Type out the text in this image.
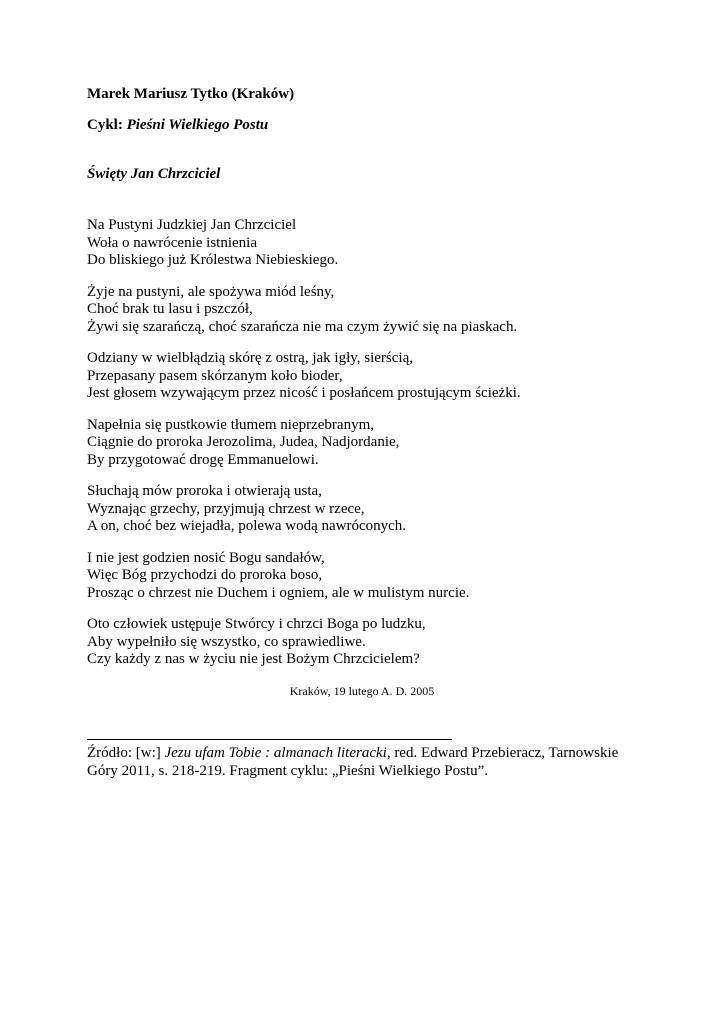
Marek Mariusz Tytko (Kraków)
Cykl: Pieśni Wielkiego Postu
Święty Jan Chrzciciel
Na Pustyni Judzkiej Jan Chrzciciel
Woła o nawrócenie istnienia
Do bliskiego już Królestwa Niebieskiego.
Żyje na pustyni, ale spożywa miód leśny,
Choć brak tu lasu i pszczół,
Żywi się szarańczą, choć szarańcza nie ma czym żywić się na piaskach.
Odziany w wielbłądzią skórę z ostrą, jak igły, sierścią,
Przepasany pasem skórzanym koło bioder,
Jest głosem wzywającym przez nicość i posłańcem prostującym ścieżki.
Napełnia się pustkowie tłumem nieprzebranym,
Ciągnie do proroka Jerozolima, Judea, Nadjordanie,
By przygotować drogę Emmanuelowi.
Słuchają mów proroka i otwierają usta,
Wyznając grzechy, przyjmują chrzest w rzece,
A on, choć bez wiejadła, polewa wodą nawróconych.
I nie jest godzien nosić Bogu sandałów,
Więc Bóg przychodzi do proroka boso,
Prosząc o chrzest nie Duchem i ogniem, ale w mulistym nurcie.
Oto człowiek ustępuje Stwórcy i chrzci Boga po ludzku,
Aby wypełniło się wszystko, co sprawiedliwe.
Czy każdy z nas w życiu nie jest Bożym Chrzcicielem?
Kraków, 19 lutego A. D. 2005
Źródło: [w:] Jezu ufam Tobie : almanach literacki, red. Edward Przebieracz, Tarnowskie Góry 2011, s. 218-219. Fragment cyklu: „Pieśni Wielkiego Postu”.
